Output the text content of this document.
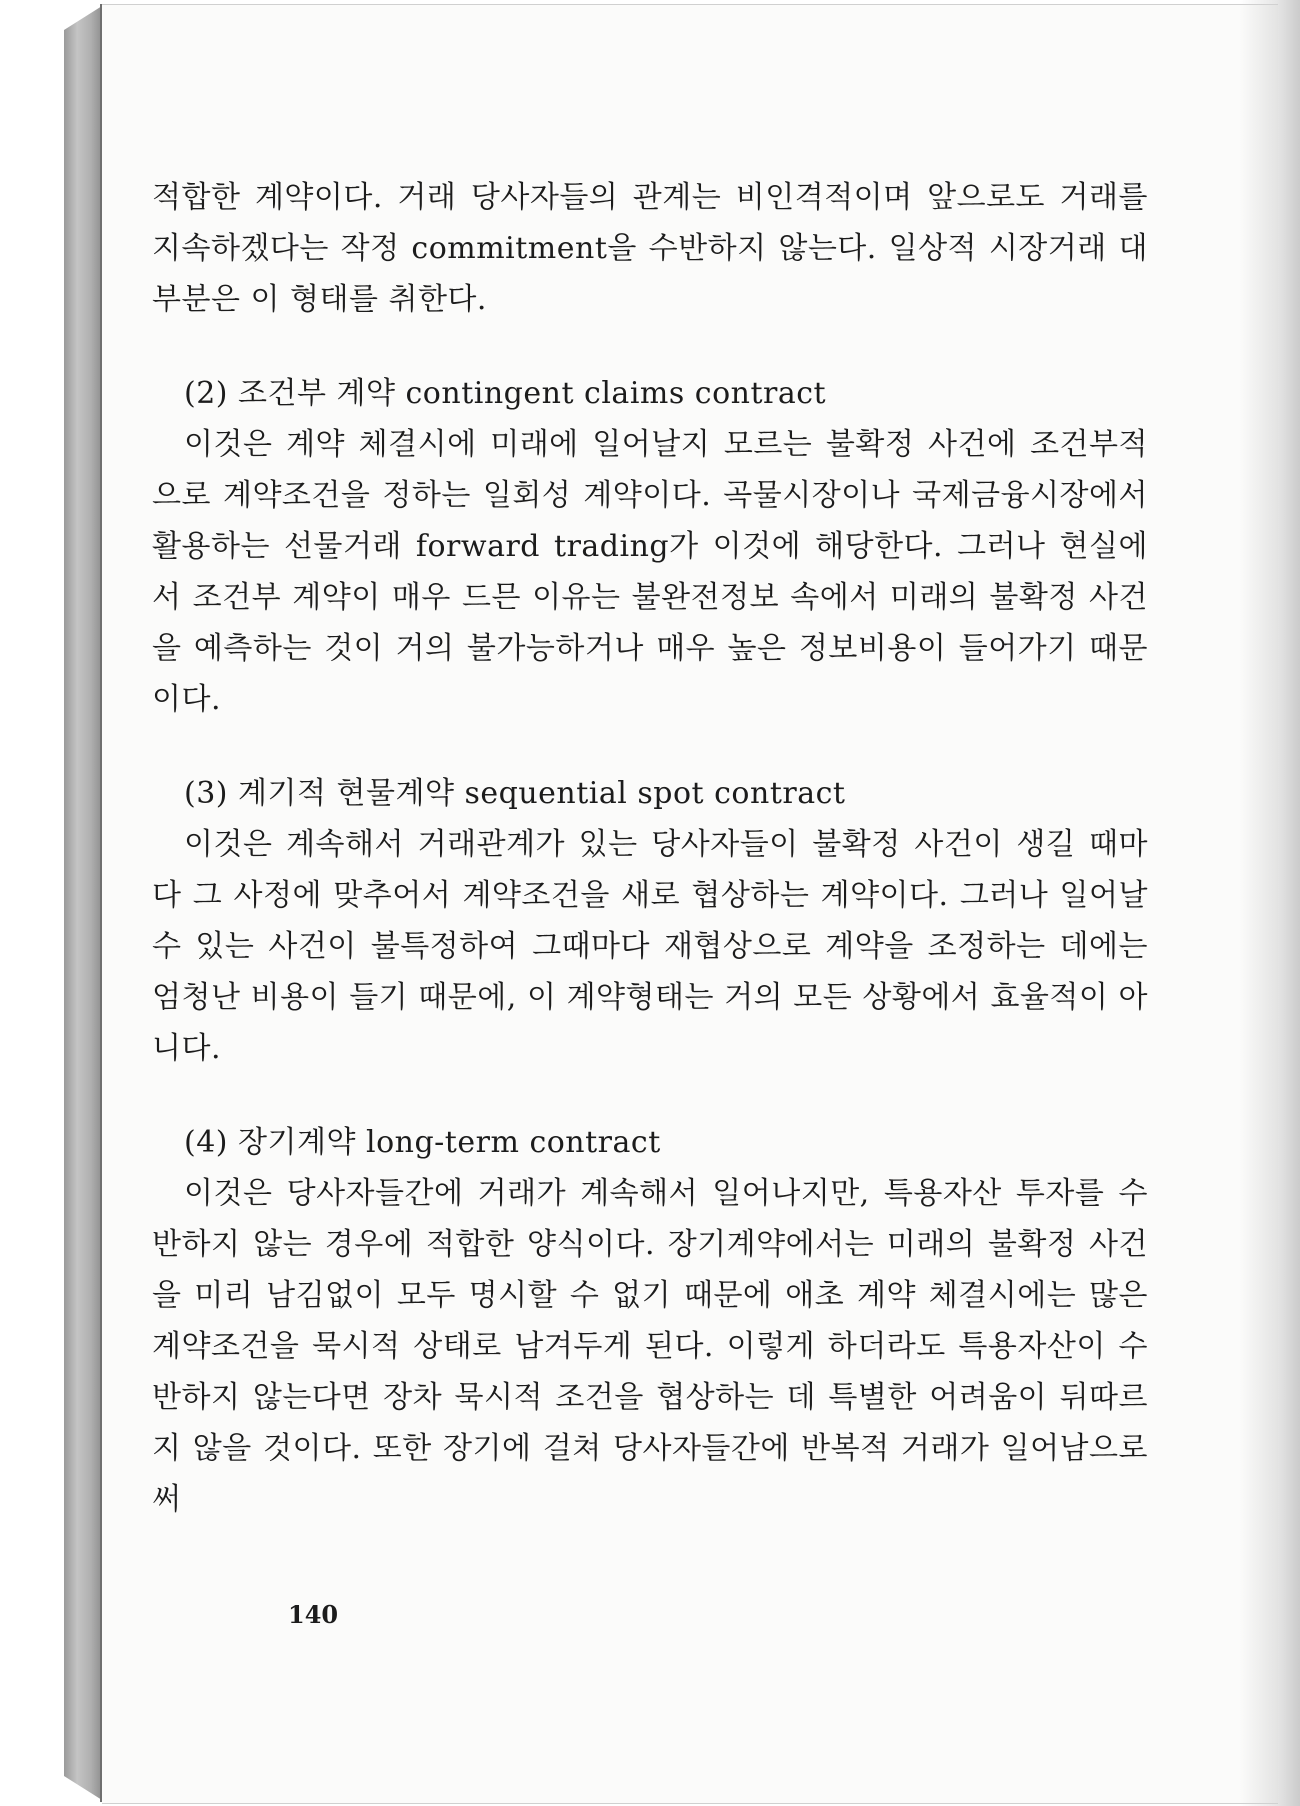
적합한 계약이다. 거래 당사자들의 관계는 비인격적이며 앞으로도 거래를 지속하겠다는 작정 commitment을 수반하지 않는다. 일상적 시장거래 대부분은 이 형태를 취한다.

(2) 조건부 계약 contingent claims contract

이것은 계약 체결시에 미래에 일어날지 모르는 불확정 사건에 조건부적으로 계약조건을 정하는 일회성 계약이다. 곡물시장이나 국제금융시장에서 활용하는 선물거래 forward trading가 이것에 해당한다. 그러나 현실에서 조건부 계약이 매우 드믄 이유는 불완전정보 속에서 미래의 불확정 사건을 예측하는 것이 거의 불가능하거나 매우 높은 정보비용이 들어가기 때문이다.

(3) 계기적 현물계약 sequential spot contract

이것은 계속해서 거래관계가 있는 당사자들이 불확정 사건이 생길 때마다 그 사정에 맞추어서 계약조건을 새로 협상하는 계약이다. 그러나 일어날 수 있는 사건이 불특정하여 그때마다 재협상으로 계약을 조정하는 데에는 엄청난 비용이 들기 때문에, 이 계약형태는 거의 모든 상황에서 효율적이 아니다.

(4) 장기계약 long-term contract

이것은 당사자들간에 거래가 계속해서 일어나지만, 특용자산 투자를 수반하지 않는 경우에 적합한 양식이다. 장기계약에서는 미래의 불확정 사건을 미리 남김없이 모두 명시할 수 없기 때문에 애초 계약 체결시에는 많은 계약조건을 묵시적 상태로 남겨두게 된다. 이렇게 하더라도 특용자산이 수반하지 않는다면 장차 묵시적 조건을 협상하는 데 특별한 어려움이 뒤따르지 않을 것이다. 또한 장기에 걸쳐 당사자들간에 반복적 거래가 일어남으로써

140
